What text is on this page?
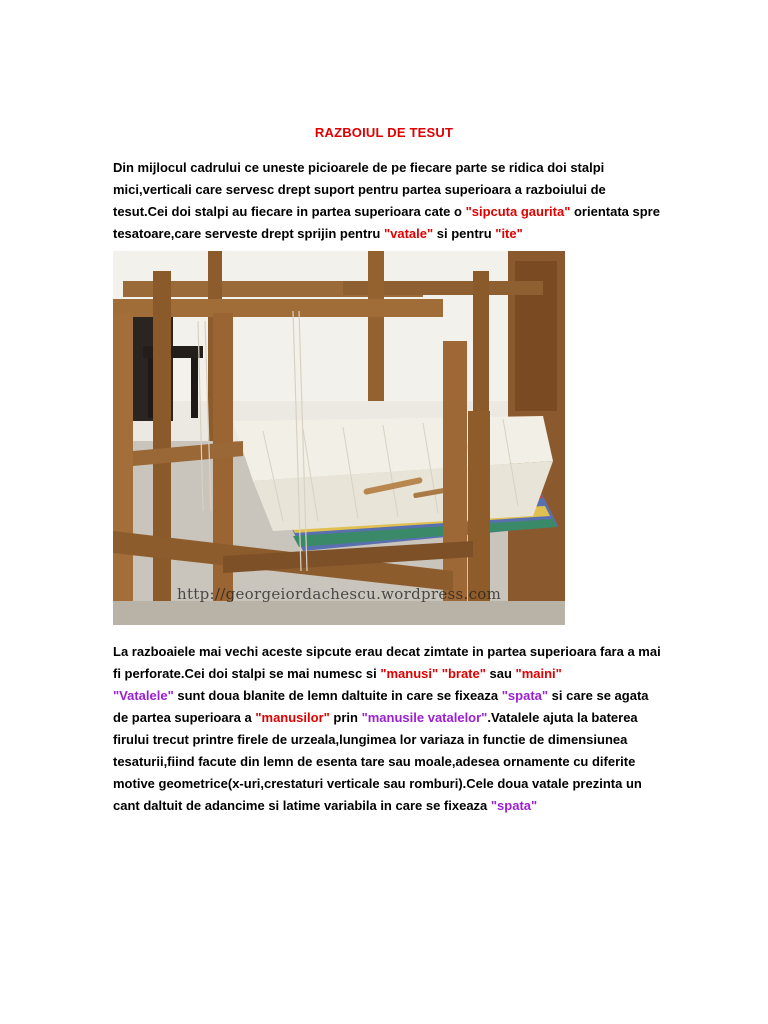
RAZBOIUL DE TESUT

Din mijlocul cadrului ce uneste picioarele de pe fiecare parte se ridica doi stalpi mici,verticali care servesc drept suport pentru partea superioara a razboiului de tesut.Cei doi stalpi au fiecare in partea superioara cate o "sipcuta gaurita" orientata spre tesatoare,care serveste drept sprijin pentru "vatale" si pentru "ite"

http://georgeiordachescu.wordpress.com

La razboaiele mai vechi aceste sipcute erau decat zimtate in partea superioara fara a mai fi perforate.Cei doi stalpi se mai numesc si "manusi" "brate" sau "maini"

"Vatalele" sunt doua blanite de lemn daltuite in care se fixeaza "spata" si care se agata de partea superioara a "manusilor" prin "manusile vatalelor".Vatalele ajuta la baterea firului trecut printre firele de urzeala,lungimea lor variaza in functie de dimensiunea tesaturii,fiind facute din lemn de esenta tare sau moale,adesea ornamente cu diferite motive geometrice(x-uri,crestaturi verticale sau romburi).Cele doua vatale prezinta un cant daltuit de adancime si latime variabila in care se fixeaza "spata"
